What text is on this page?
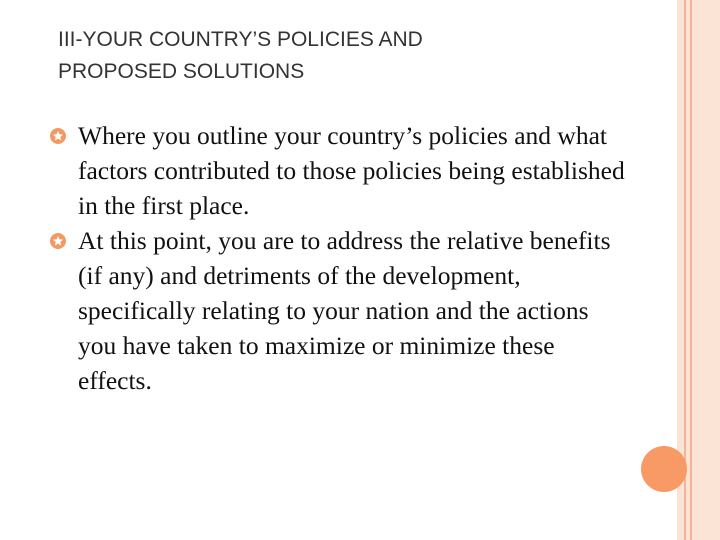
III-YOUR COUNTRY’S POLICIES AND
PROPOSED SOLUTIONS

Where you outline your country’s policies and what factors contributed to those policies being established in the first place.

At this point, you are to address the relative benefits (if any) and detriments of the development, specifically relating to your nation and the actions you have taken to maximize or minimize these effects.
